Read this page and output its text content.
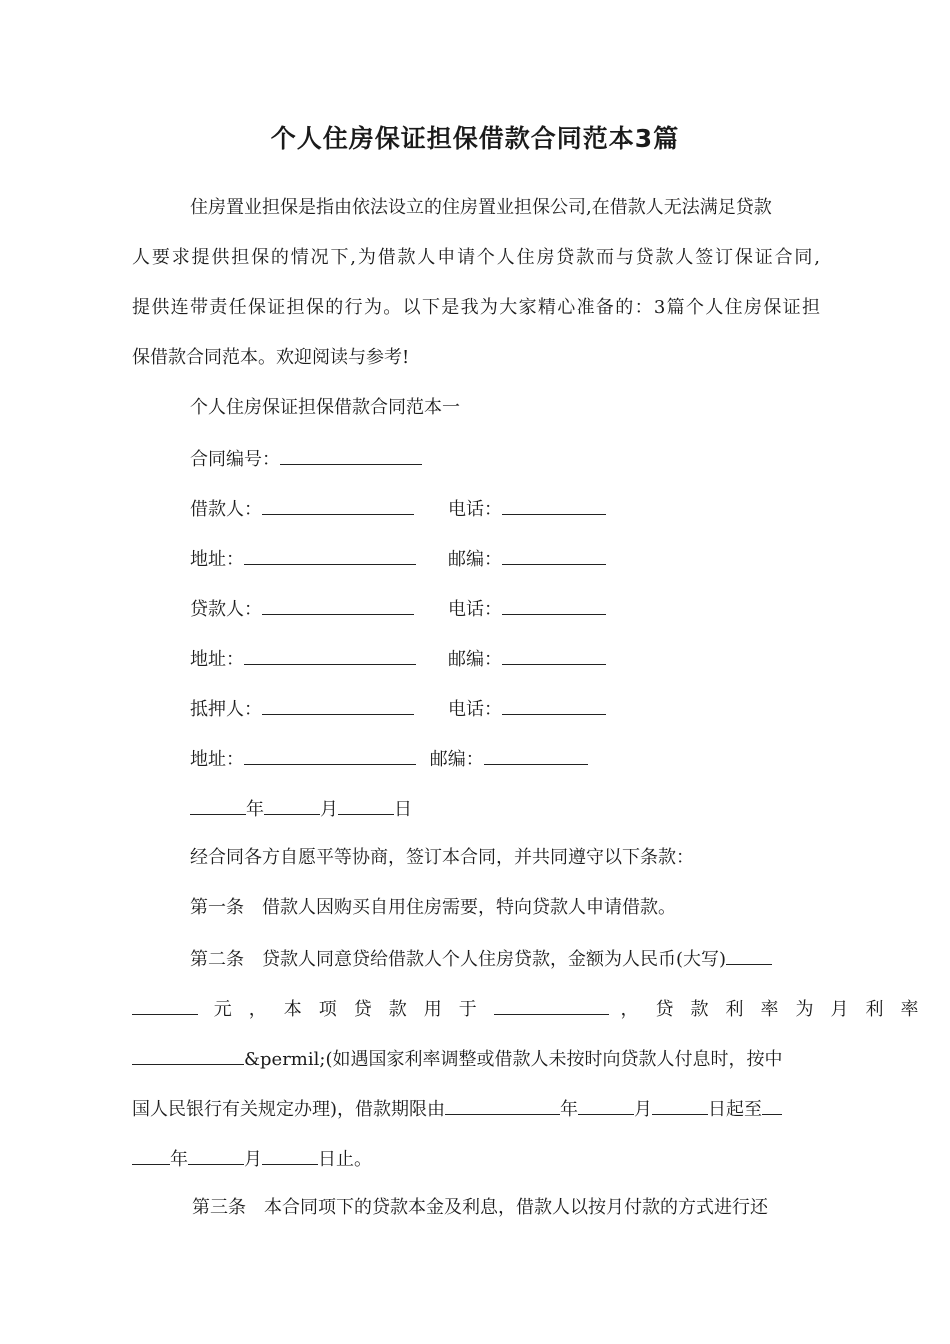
个人住房保证担保借款合同范本3篇
住房置业担保是指由依法设立的住房置业担保公司,在借款人无法满足贷款
人要求提供担保的情况下,为借款人申请个人住房贷款而与贷款人签订保证合同,
提供连带责任保证担保的行为。以下是我为大家精心准备的：3篇个人住房保证担
保借款合同范本。欢迎阅读与参考!
个人住房保证担保借款合同范本一
合同编号：
借款人：	电话：
地址：	邮编：
贷款人：	电话：
地址：	邮编：
抵押人：	电话：
地址：	邮编：
年	月	日
经合同各方自愿平等协商，签订本合同，并共同遵守以下条款：
第一条　借款人因购买自用住房需要，特向贷款人申请借款。
第二条　贷款人同意贷给借款人个人住房贷款，金额为人民币(大写)
元，本项贷款用于	，贷款利率为月利率
&permil;(如遇国家利率调整或借款人未按时向贷款人付息时，按中
国人民银行有关规定办理)，借款期限由	年	月	日起至
年	月	日止。
第三条　本合同项下的贷款本金及利息，借款人以按月付款的方式进行还
